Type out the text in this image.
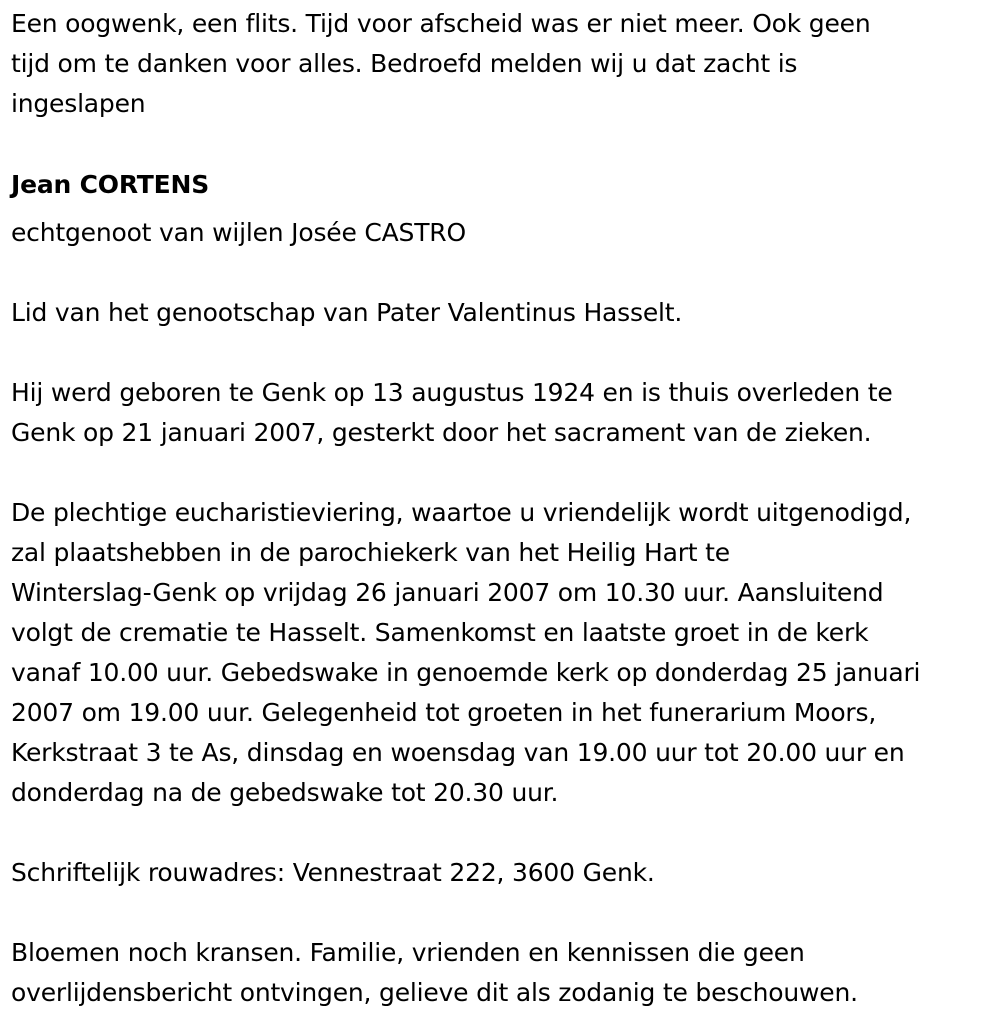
Een oogwenk, een flits. Tijd voor afscheid was er niet meer. Ook geen
tijd om te danken voor alles. Bedroefd melden wij u dat zacht is
ingeslapen

Jean CORTENS

echtgenoot van wijlen Josée CASTRO

Lid van het genootschap van Pater Valentinus Hasselt.

Hij werd geboren te Genk op 13 augustus 1924 en is thuis overleden te
Genk op 21 januari 2007, gesterkt door het sacrament van de zieken.

De plechtige eucharistieviering, waartoe u vriendelijk wordt uitgenodigd,
zal plaatshebben in de parochiekerk van het Heilig Hart te
Winterslag-Genk op vrijdag 26 januari 2007 om 10.30 uur. Aansluitend
volgt de crematie te Hasselt. Samenkomst en laatste groet in de kerk
vanaf 10.00 uur. Gebedswake in genoemde kerk op donderdag 25 januari
2007 om 19.00 uur. Gelegenheid tot groeten in het funerarium Moors,
Kerkstraat 3 te As, dinsdag en woensdag van 19.00 uur tot 20.00 uur en
donderdag na de gebedswake tot 20.30 uur.

Schriftelijk rouwadres: Vennestraat 222, 3600 Genk.

Bloemen noch kransen. Familie, vrienden en kennissen die geen
overlijdensbericht ontvingen, gelieve dit als zodanig te beschouwen.
